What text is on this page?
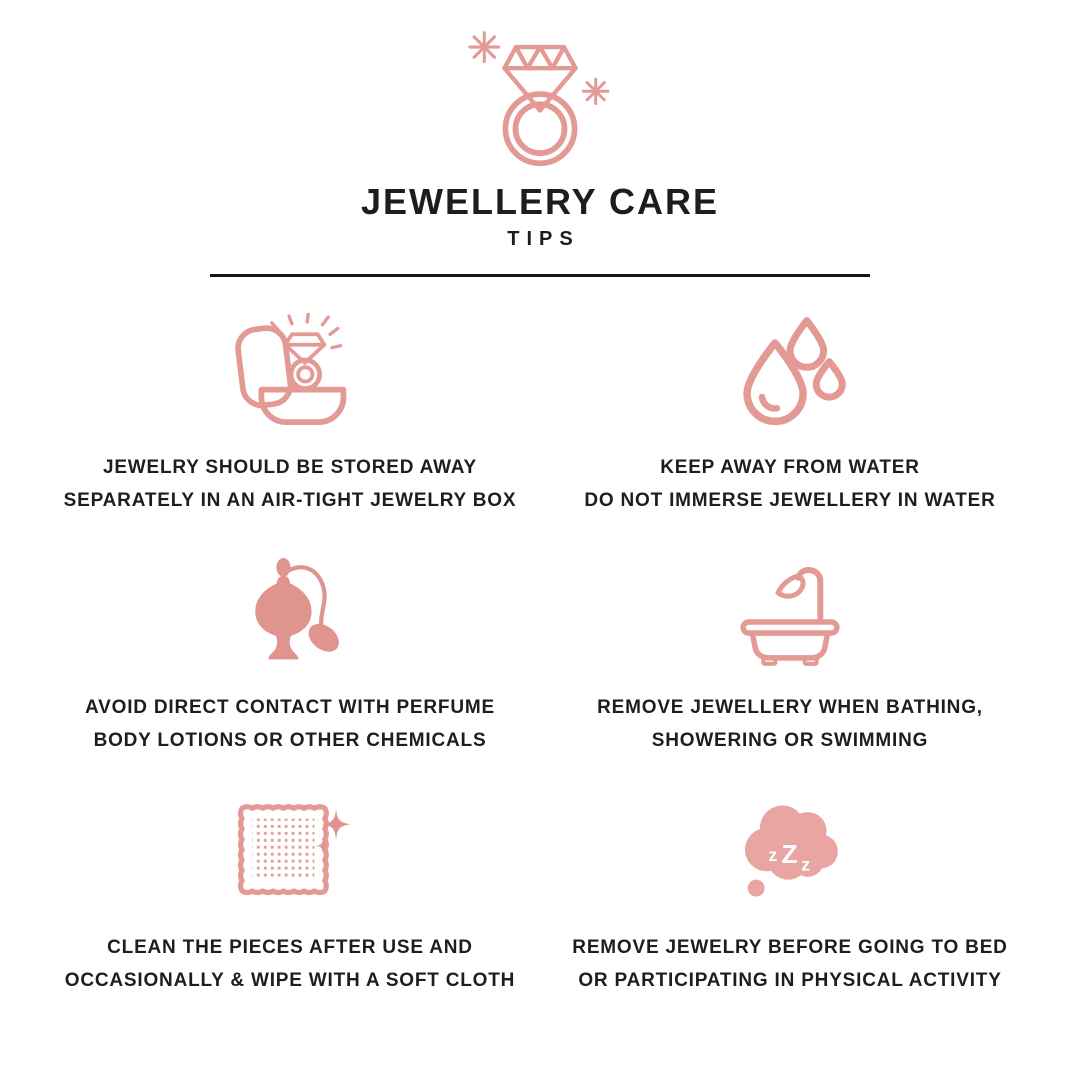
JEWELLERY CARE
TIPS
JEWELRY SHOULD BE STORED AWAY
SEPARATELY IN AN AIR-TIGHT JEWELRY BOX
KEEP AWAY FROM WATER
DO NOT IMMERSE JEWELLERY IN WATER
AVOID DIRECT CONTACT WITH PERFUME
BODY LOTIONS OR OTHER CHEMICALS
REMOVE JEWELLERY WHEN BATHING,
SHOWERING OR SWIMMING
CLEAN THE PIECES AFTER USE AND
OCCASIONALLY & WIPE WITH A SOFT CLOTH
z Z z
REMOVE JEWELRY BEFORE GOING TO BED
OR PARTICIPATING IN PHYSICAL ACTIVITY
